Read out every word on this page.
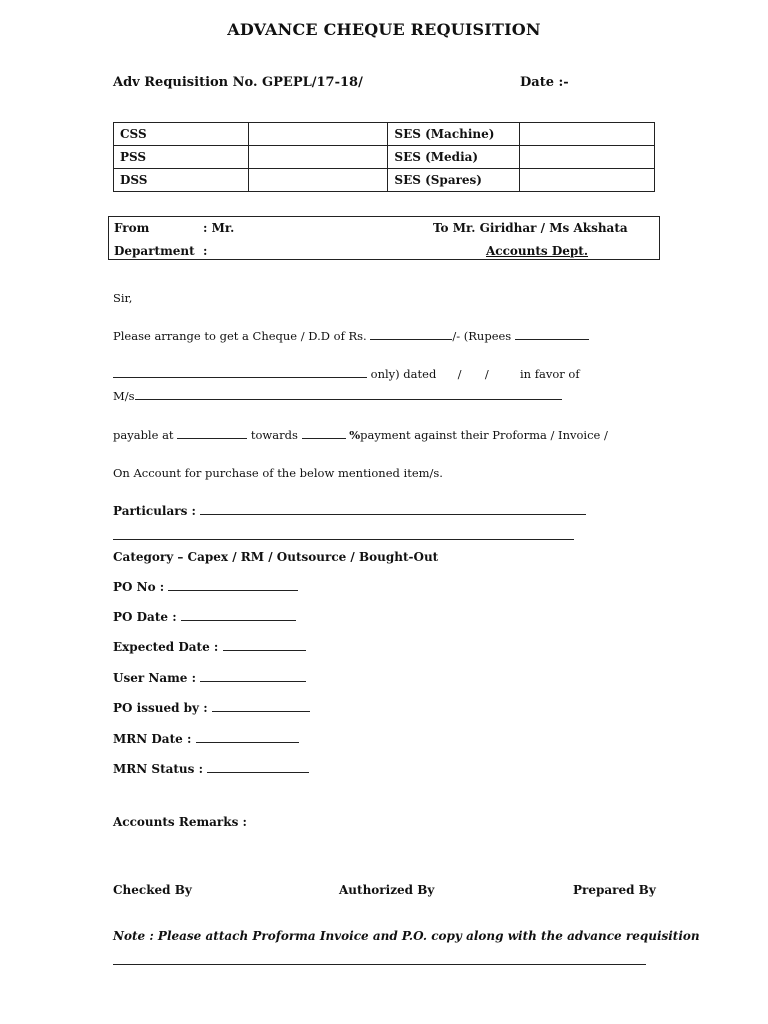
ADVANCE CHEQUE REQUISITION
Adv Requisition No. GPEPL/17-18/	Date :-
CSS		SES (Machine)	
PSS		SES (Media)	
DSS		SES (Spares)	
From	: Mr.	To Mr. Giridhar / Ms Akshata
Department :	Accounts Dept.
Sir,
Please arrange to get a Cheque / D.D of Rs.	/- (Rupees
only) dated / /	in favor of
M/s
payable at	towards	%payment against their Proforma / Invoice /
On Account for purchase of the below mentioned item/s.
Particulars :
Category – Capex / RM / Outsource / Bought-Out
PO No :
PO Date :
Expected Date :
User Name :
PO issued by :
MRN Date :
MRN Status :
Accounts Remarks :
Checked By	Authorized By	Prepared By
Note : Please attach Proforma Invoice and P.O. copy along with the advance requisition
